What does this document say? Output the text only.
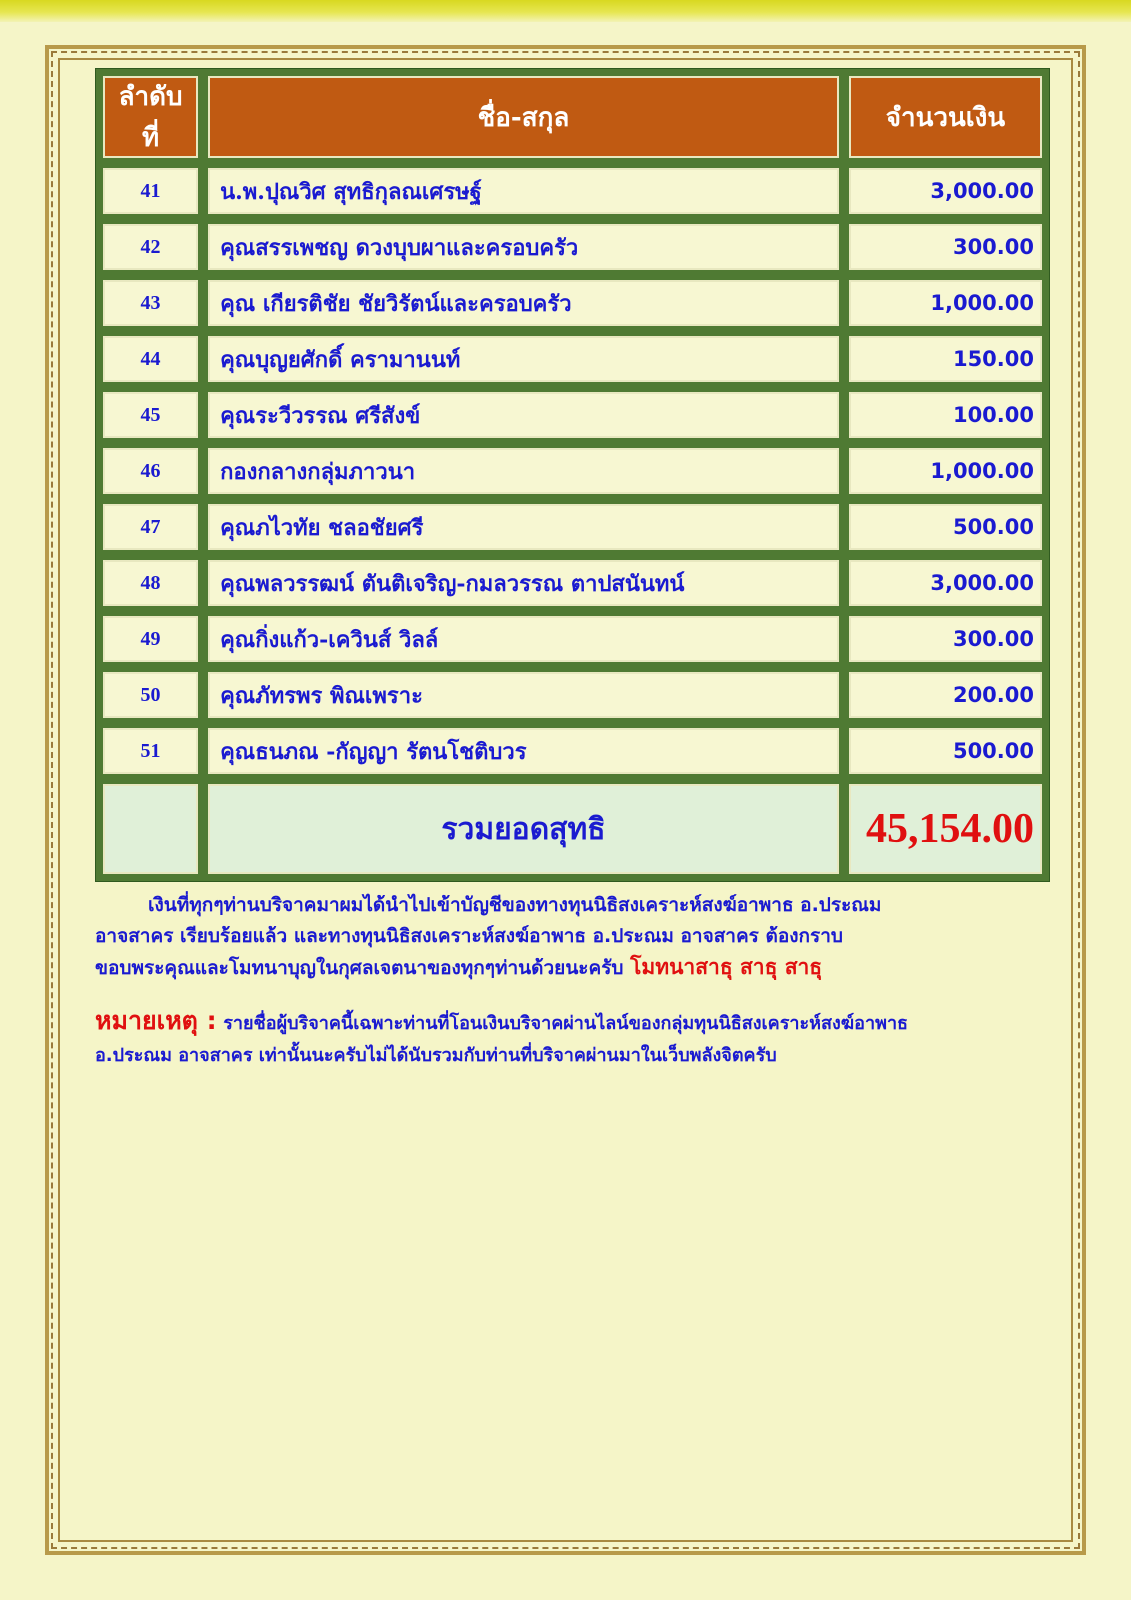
ลำดับที่	ชื่อ-สกุล	จำนวนเงิน
41	น.พ.ปุณวิศ สุทธิกุลณเศรษฐ์	3,000.00
42	คุณสรรเพชญ ดวงบุบผาและครอบครัว	300.00
43	คุณ เกียรติชัย ชัยวิรัตน์และครอบครัว	1,000.00
44	คุณบุญยศักดิ์ ครามานนท์	150.00
45	คุณระวีวรรณ ศรีสังข์	100.00
46	กองกลางกลุ่มภาวนา	1,000.00
47	คุณภไวทัย ชลอชัยศรี	500.00
48	คุณพลวรรฒน์ ตันติเจริญ-กมลวรรณ ตาปสนันทน์	3,000.00
49	คุณกิ่งแก้ว-เควินส์ วิลล์	300.00
50	คุณภัทรพร พิณเพราะ	200.00
51	คุณธนภณ -กัญญา รัตนโชติบวร	500.00
	รวมยอดสุทธิ	45,154.00
เงินที่ทุกๆท่านบริจาคมาผมได้นำไปเข้าบัญชีของทางทุนนิธิสงเคราะห์สงฆ์อาพาธ อ.ประณม
อาจสาคร เรียบร้อยแล้ว และทางทุนนิธิสงเคราะห์สงฆ์อาพาธ อ.ประณม อาจสาคร ต้องกราบ
ขอบพระคุณและโมทนาบุญในกุศลเจตนาของทุกๆท่านด้วยนะครับ โมทนาสาธุ สาธุ สาธุ
หมายเหตุ : รายชื่อผู้บริจาคนี้เฉพาะท่านที่โอนเงินบริจาคผ่านไลน์ของกลุ่มทุนนิธิสงเคราะห์สงฆ์อาพาธ
อ.ประณม อาจสาคร เท่านั้นนะครับไม่ได้นับรวมกับท่านที่บริจาคผ่านมาในเว็บพลังจิตครับ
